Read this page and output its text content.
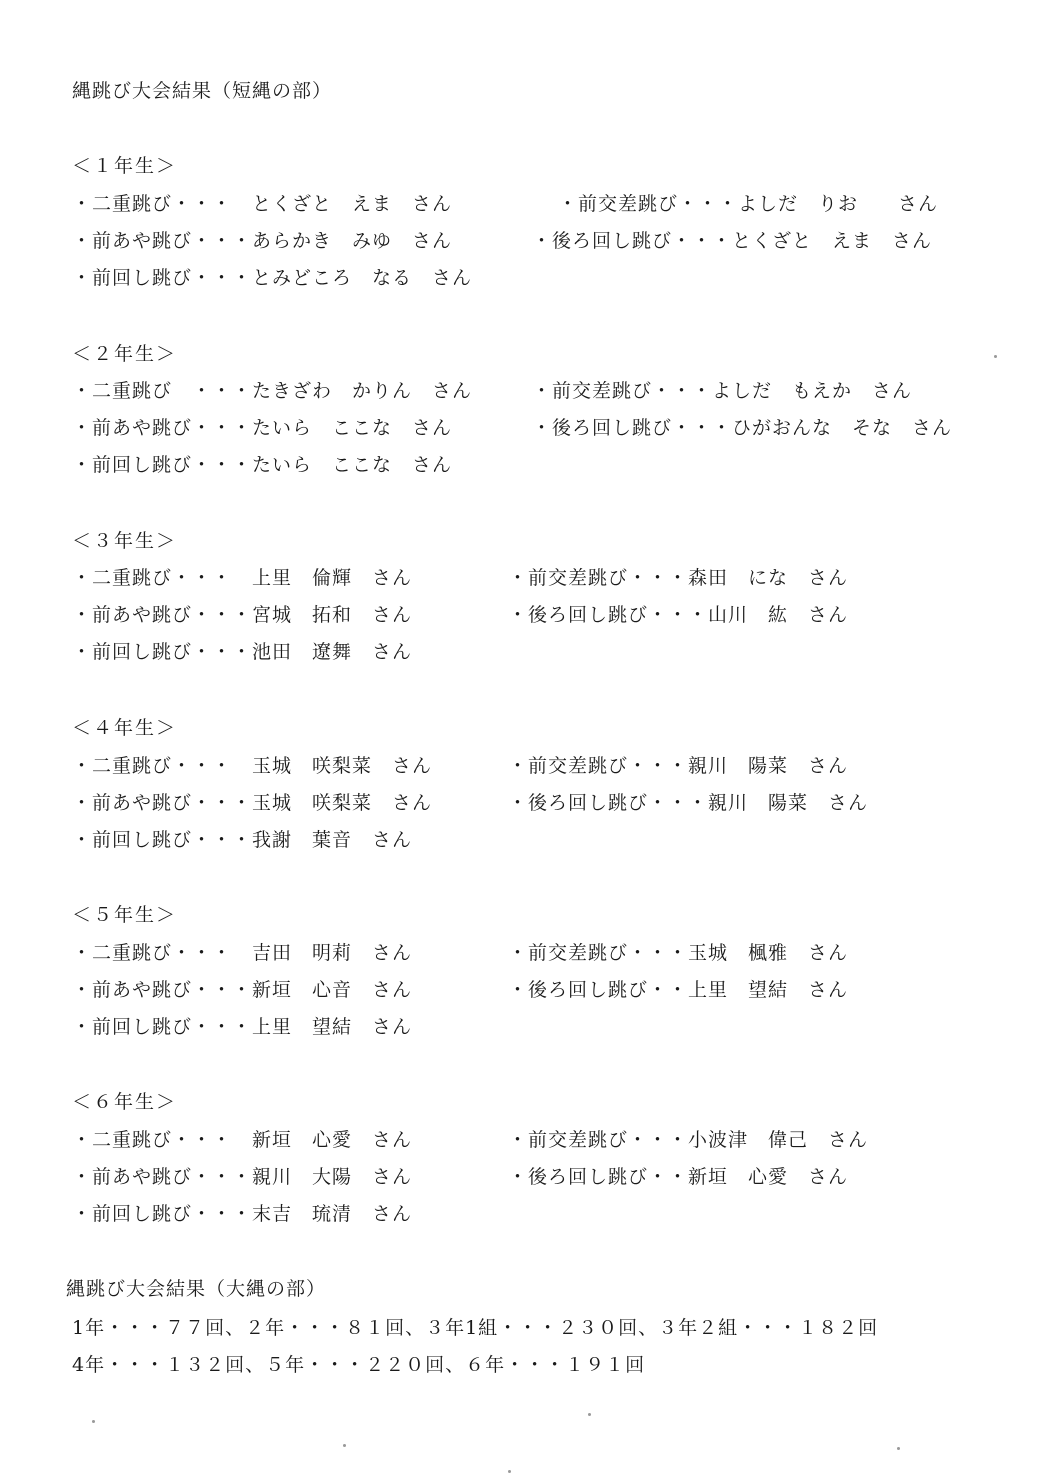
縄跳び大会結果（短縄の部）
＜１年生＞
・二重跳び・・・　とくざと　えま　さん	・前交差跳び・・・よしだ　りお　　さん
・前あや跳び・・・あらかき　みゆ　さん	・後ろ回し跳び・・・とくざと　えま　さん
・前回し跳び・・・とみどころ　なる　さん
＜２年生＞
・二重跳び　・・・たきざわ　かりん　さん	・前交差跳び・・・よしだ　もえか　さん
・前あや跳び・・・たいら　ここな　さん	・後ろ回し跳び・・・ひがおんな　そな　さん
・前回し跳び・・・たいら　ここな　さん
＜３年生＞
・二重跳び・・・　上里　倫輝　さん	・前交差跳び・・・森田　にな　さん
・前あや跳び・・・宮城　拓和　さん	・後ろ回し跳び・・・山川　紘　さん
・前回し跳び・・・池田　遼舞　さん
＜４年生＞
・二重跳び・・・　玉城　咲梨菜　さん	・前交差跳び・・・親川　陽菜　さん
・前あや跳び・・・玉城　咲梨菜　さん	・後ろ回し跳び・・・親川　陽菜　さん
・前回し跳び・・・我謝　葉音　さん
＜５年生＞
・二重跳び・・・　吉田　明莉　さん	・前交差跳び・・・玉城　楓雅　さん
・前あや跳び・・・新垣　心音　さん	・後ろ回し跳び・・上里　望結　さん
・前回し跳び・・・上里　望結　さん
＜６年生＞
・二重跳び・・・　新垣　心愛　さん	・前交差跳び・・・小波津　偉己　さん
・前あや跳び・・・親川　大陽　さん	・後ろ回し跳び・・新垣　心愛　さん
・前回し跳び・・・末吉　琉清　さん
縄跳び大会結果（大縄の部）
1年・・・７７回、２年・・・８１回、３年1組・・・２３０回、３年２組・・・１８２回
4年・・・１３２回、５年・・・２２０回、６年・・・１９１回
